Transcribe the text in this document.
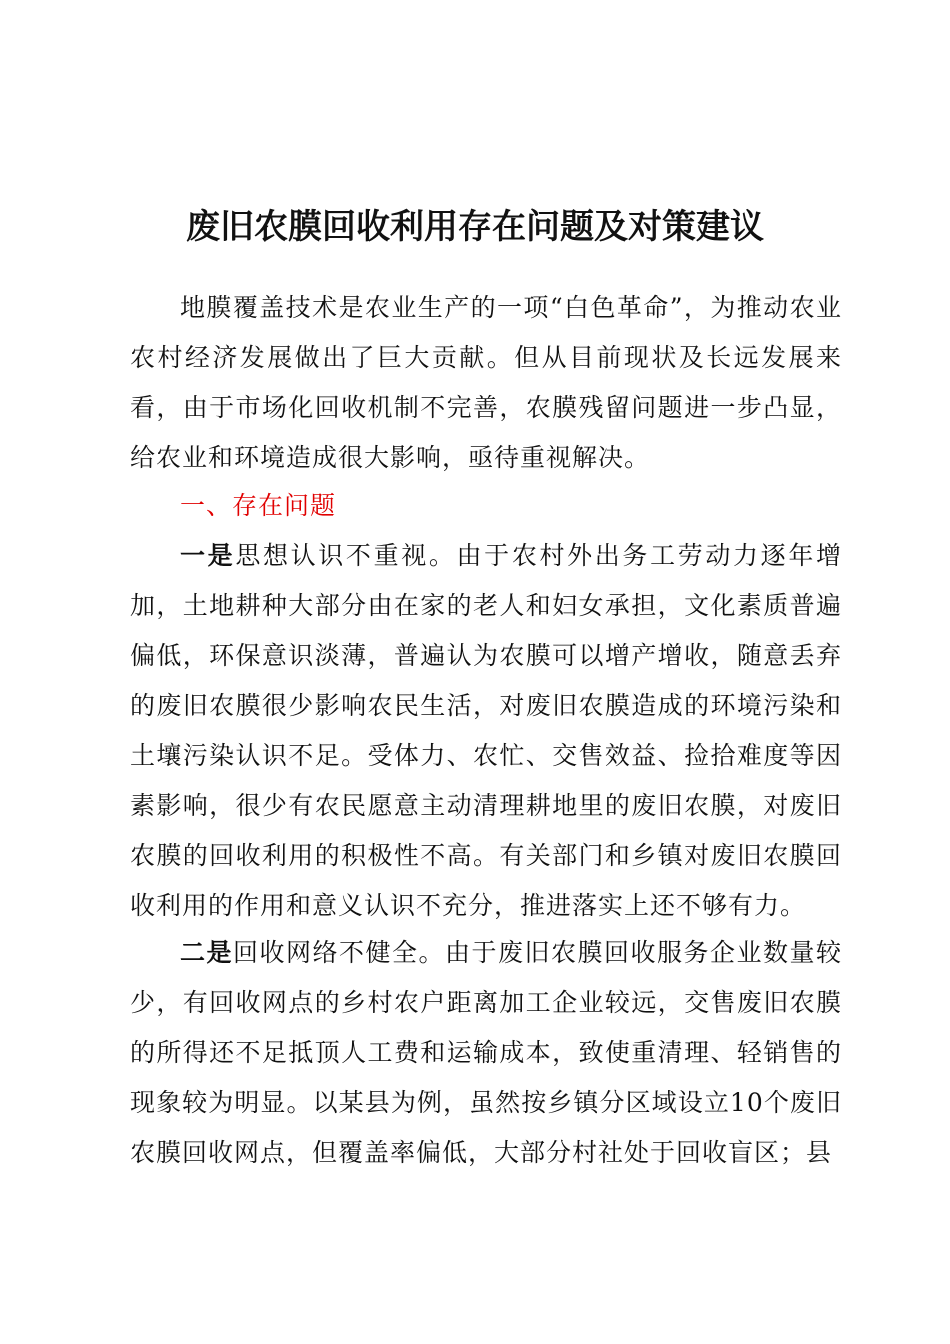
废旧农膜回收利用存在问题及对策建议

地膜覆盖技术是农业生产的一项“白色革命”，为推动农业农村经济发展做出了巨大贡献。但从目前现状及长远发展来看，由于市场化回收机制不完善，农膜残留问题进一步凸显，给农业和环境造成很大影响，亟待重视解决。

一、存在问题

一是思想认识不重视。由于农村外出务工劳动力逐年增加，土地耕种大部分由在家的老人和妇女承担，文化素质普遍偏低，环保意识淡薄，普遍认为农膜可以增产增收，随意丢弃的废旧农膜很少影响农民生活，对废旧农膜造成的环境污染和土壤污染认识不足。受体力、农忙、交售效益、捡拾难度等因素影响，很少有农民愿意主动清理耕地里的废旧农膜，对废旧农膜的回收利用的积极性不高。有关部门和乡镇对废旧农膜回收利用的作用和意义认识不充分，推进落实上还不够有力。

二是回收网络不健全。由于废旧农膜回收服务企业数量较少，有回收网点的乡村农户距离加工企业较远，交售废旧农膜的所得还不足抵顶人工费和运输成本，致使重清理、轻销售的现象较为明显。以某县为例，虽然按乡镇分区域设立10个废旧农膜回收网点，但覆盖率偏低，大部分村社处于回收盲区；县
